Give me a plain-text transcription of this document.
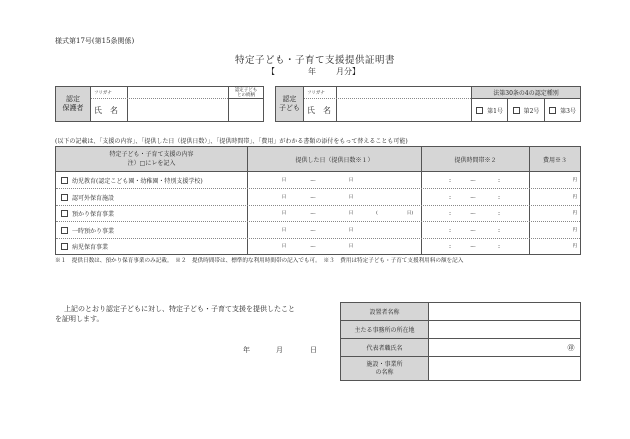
様式第17号(第15条関係)
特定子ども・子育て支援提供証明書
【	年	月分】
認定
保護者
フリガナ
氏　名
認定子ども
との続柄	認定
子ども
フリガナ
氏　名
法第30条の4の認定種別
第1号	第2号	第3号
(以下の記載は、「支援の内容」、「提供した日（提供日数）」、「提供時間帯」、「費用」がわかる書類の添付をもって替えることも可能)
特定子ども・子育て支援の内容
注）□にレを記入	提供した日（提供日数※１）	提供時間帯※２	費用※３
幼児教育(認定こども園・幼稚園・特別支援学校)	日	～	日	:	～	:	円
認可外保育施設	日	～	日	:	～	:	円
預かり保育事業	日	～	日	(	日)	:	～	:	円
一時預かり事業	日	～	日	:	～	:	円
病児保育事業	日	～	日	:	～	:	円
※１　提供日数は、預かり保育事業のみ記載。　※２　提供時間帯は、標準的な利用時間帯の記入でも可。　※３　費用は特定子ども・子育て支援利用料の額を記入
上記のとおり認定子どもに対し、特定子ども・子育て支援を提供したこと
を証明します。
年	月	日
設置者名称
主たる事務所の所在地
代表者職氏名	㊞
施設・事業所
の名称
